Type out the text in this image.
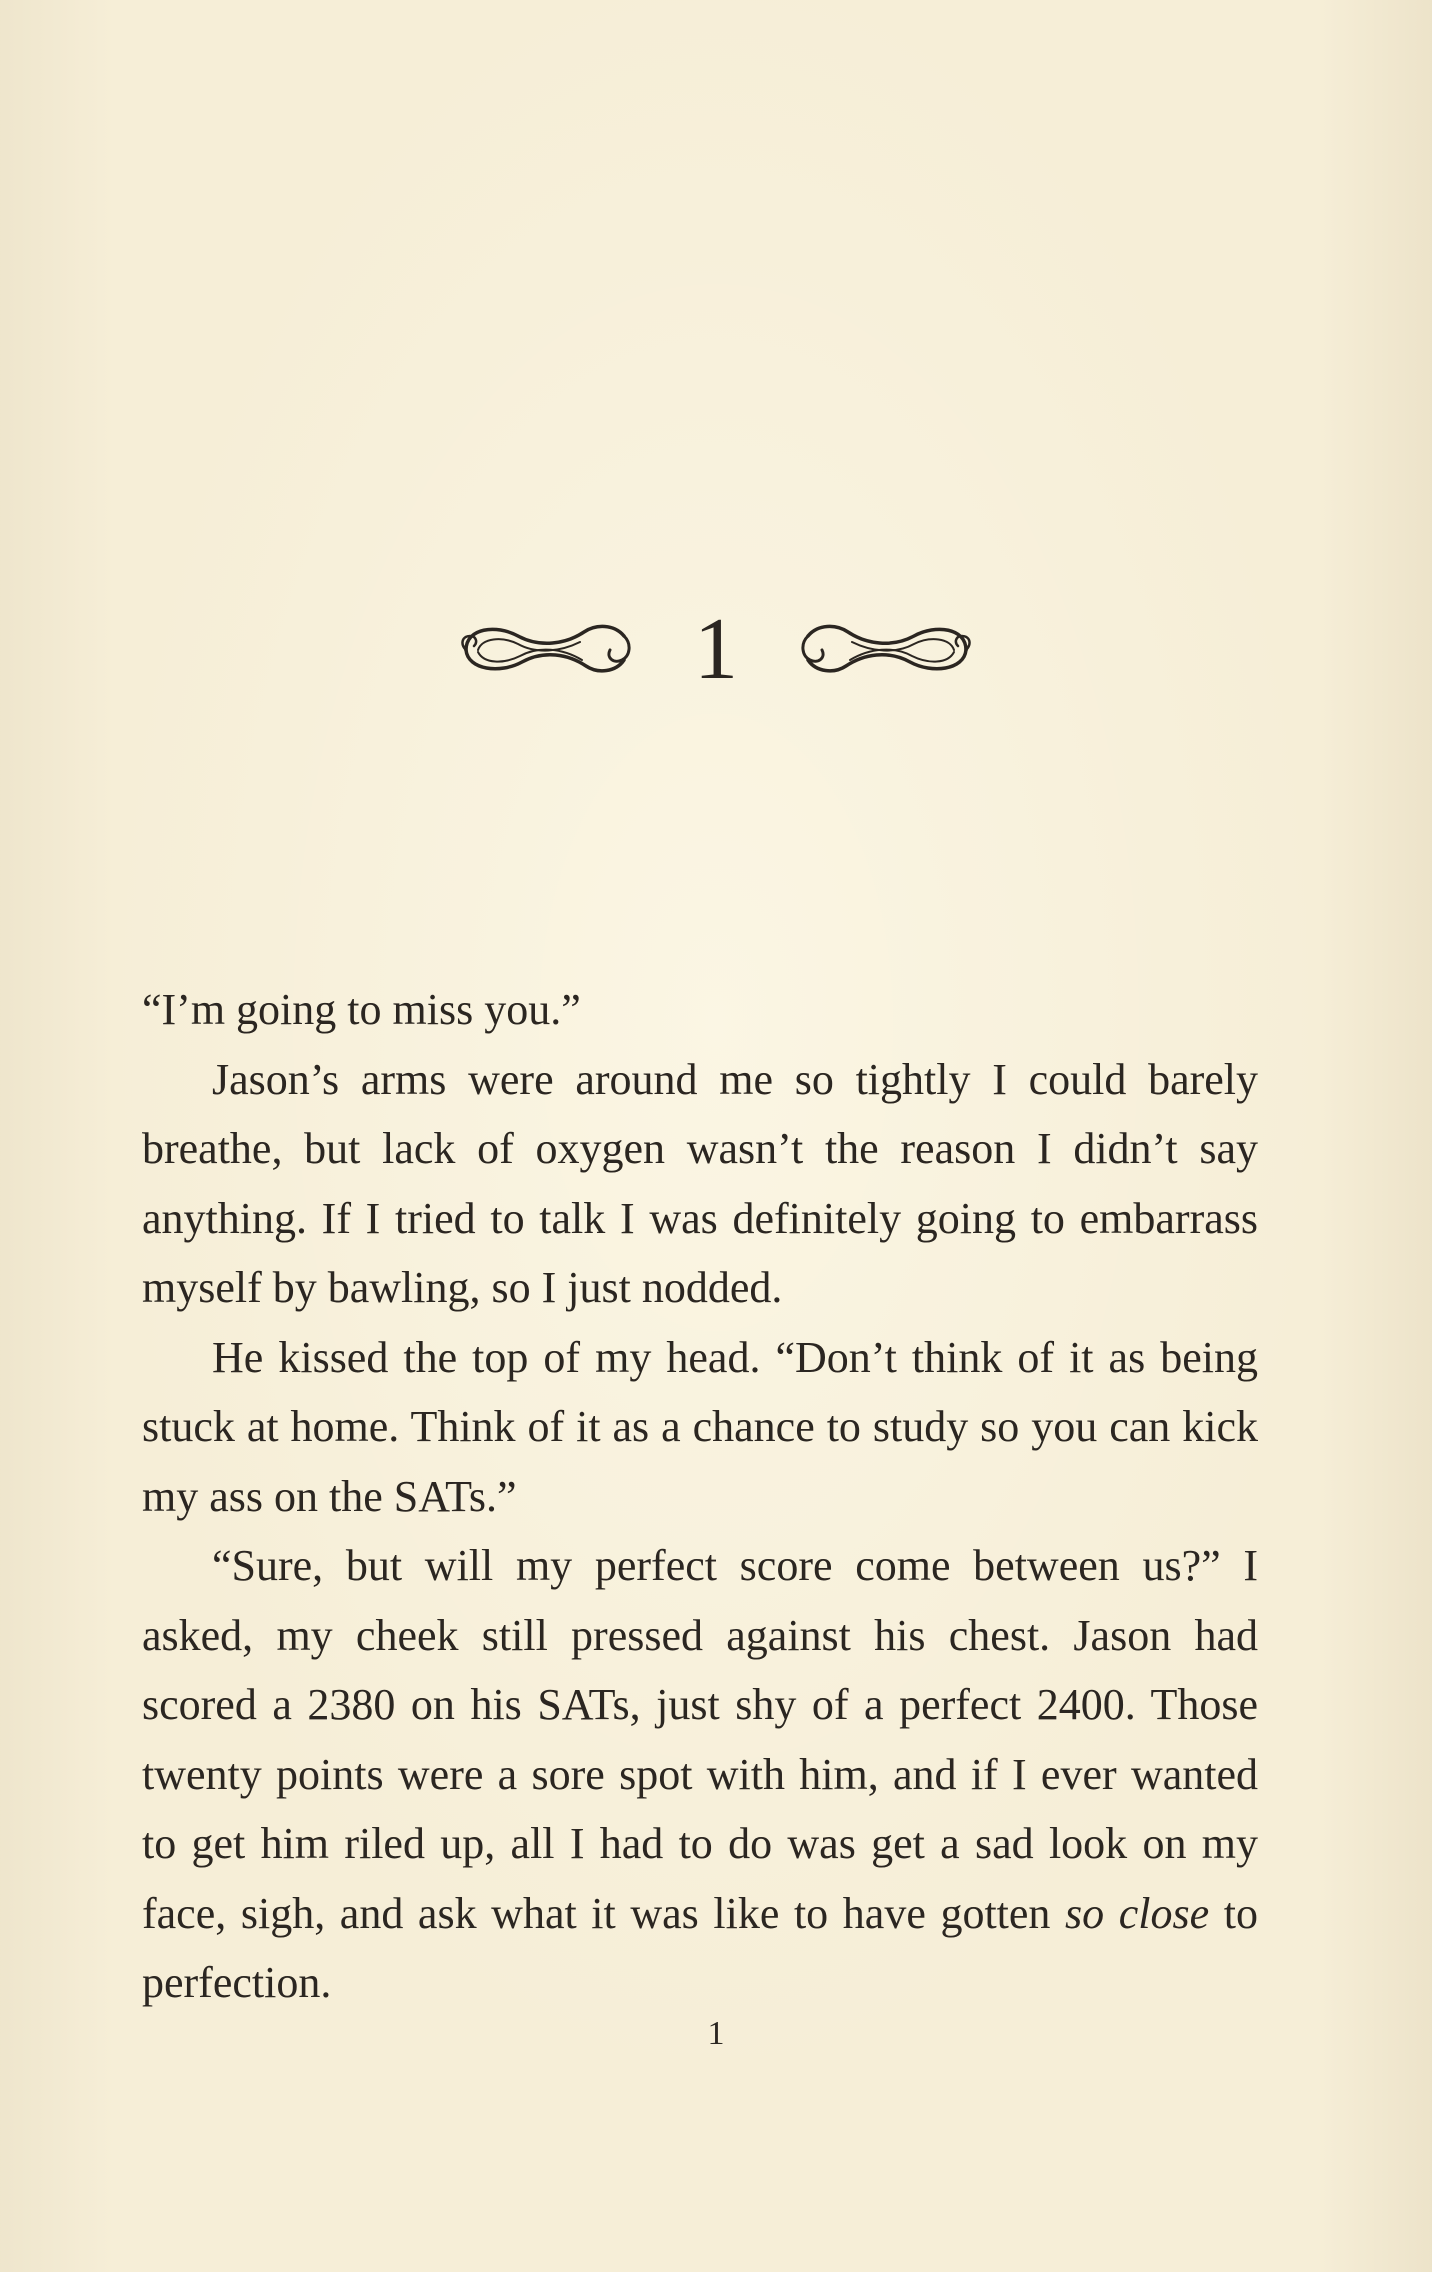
1

“I’m going to miss you.”

Jason’s arms were around me so tightly I could barely breathe, but lack of oxygen wasn’t the reason I didn’t say anything. If I tried to talk I was definitely going to embarrass myself by bawling, so I just nodded.

He kissed the top of my head. “Don’t think of it as being stuck at home. Think of it as a chance to study so you can kick my ass on the SATs.”

“Sure, but will my perfect score come between us?” I asked, my cheek still pressed against his chest. Jason had scored a 2380 on his SATs, just shy of a perfect 2400. Those twenty points were a sore spot with him, and if I ever wanted to get him riled up, all I had to do was get a sad look on my face, sigh, and ask what it was like to have gotten so close to perfection.

1
